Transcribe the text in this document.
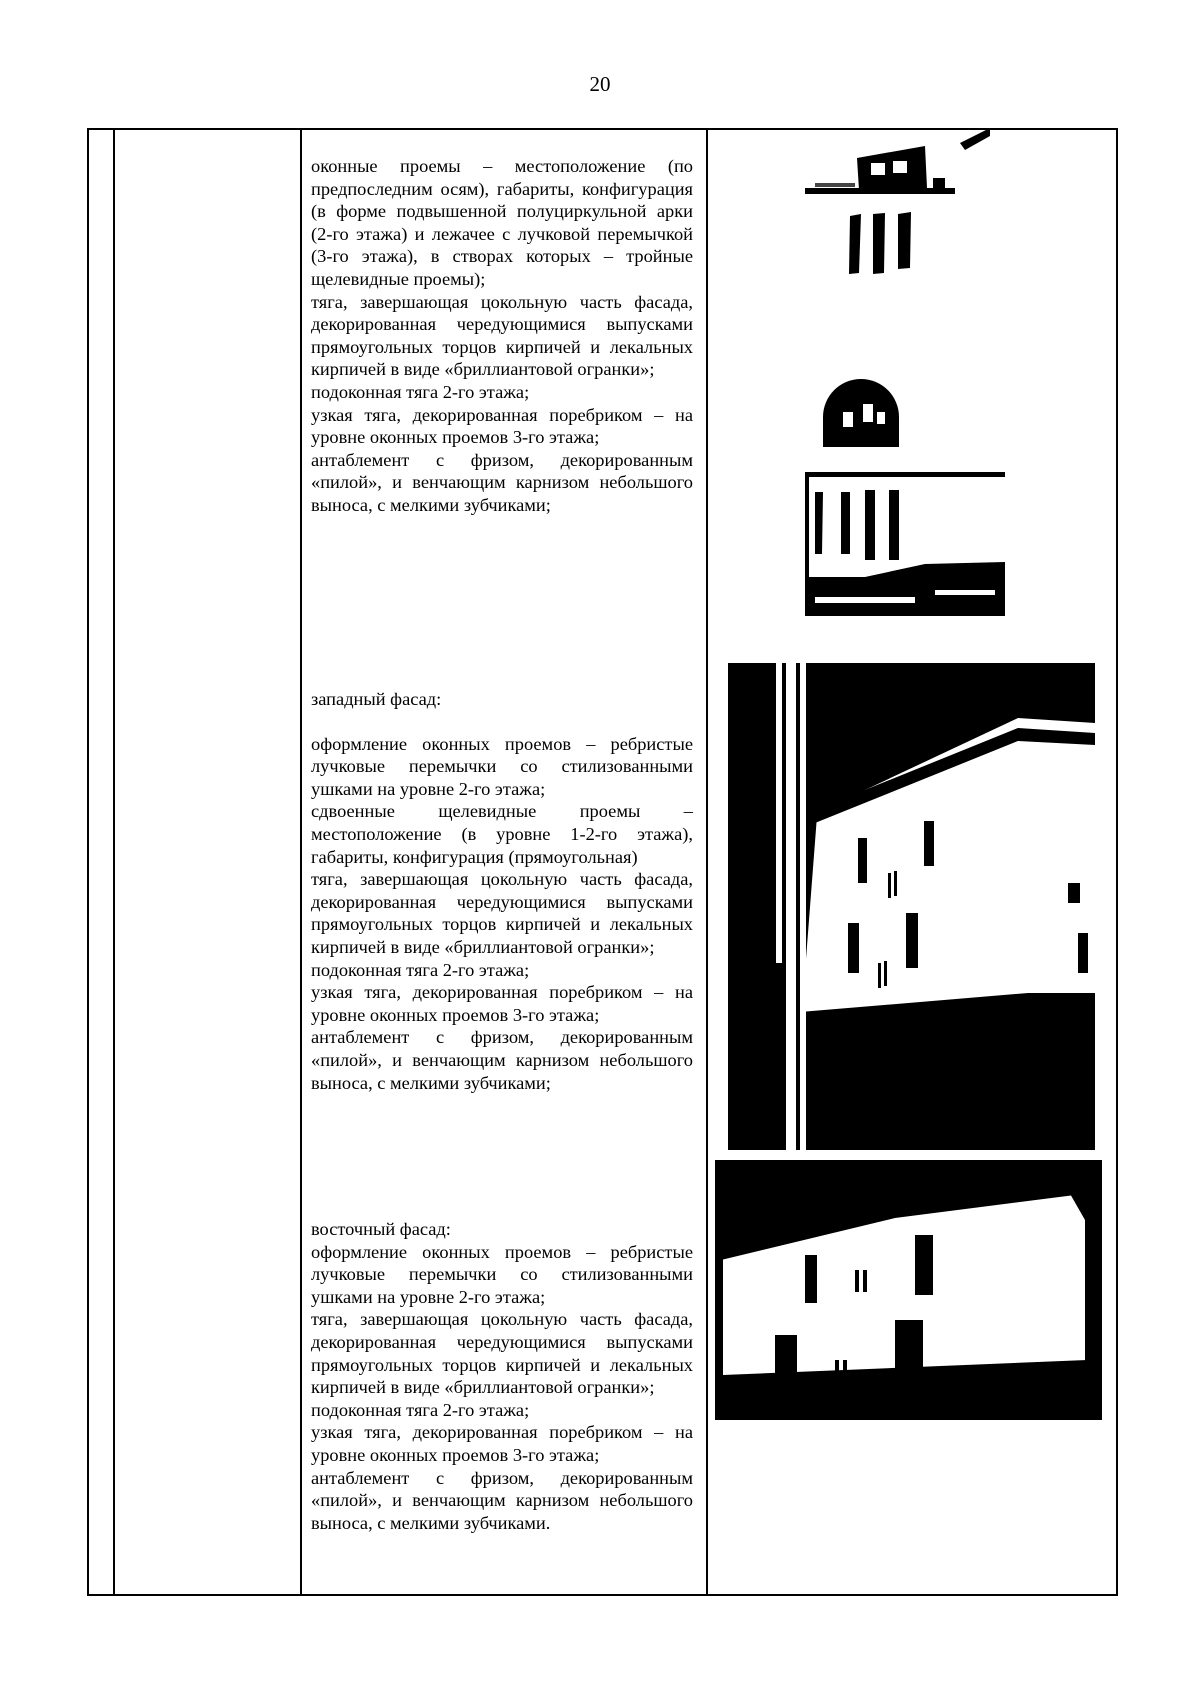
20

оконные проемы – местоположение (по предпоследним осям), габариты, конфигурация (в форме подвышенной полуциркульной арки (2-го этажа) и лежачее с лучковой перемычкой (3-го этажа), в створах которых – тройные щелевидные проемы);

тяга, завершающая цокольную часть фасада, декорированная чередующимися выпусками прямоугольных торцов кирпичей и лекальных кирпичей в виде «бриллиантовой огранки»;

подоконная тяга 2-го этажа;

узкая тяга, декорированная поребриком – на уровне оконных проемов 3-го этажа;

антаблемент с фризом, декорированным «пилой», и венчающим карнизом небольшого выноса, с мелкими зубчиками;

западный фасад:

оформление оконных проемов – ребристые лучковые перемычки со стилизованными ушками на уровне 2-го этажа;

сдвоенные щелевидные проемы – местоположение (в уровне 1-2-го этажа), габариты, конфигурация (прямоугольная)

тяга, завершающая цокольную часть фасада, декорированная чередующимися выпусками прямоугольных торцов кирпичей и лекальных кирпичей в виде «бриллиантовой огранки»;

подоконная тяга 2-го этажа;

узкая тяга, декорированная поребриком – на уровне оконных проемов 3-го этажа;

антаблемент с фризом, декорированным «пилой», и венчающим карнизом небольшого выноса, с мелкими зубчиками;

восточный фасад:

оформление оконных проемов – ребристые лучковые перемычки со стилизованными ушками на уровне 2-го этажа;

тяга, завершающая цокольную часть фасада, декорированная чередующимися выпусками прямоугольных торцов кирпичей и лекальных кирпичей в виде «бриллиантовой огранки»;

подоконная тяга 2-го этажа;

узкая тяга, декорированная поребриком – на уровне оконных проемов 3-го этажа;

антаблемент с фризом, декорированным «пилой», и венчающим карнизом небольшого выноса, с мелкими зубчиками.
